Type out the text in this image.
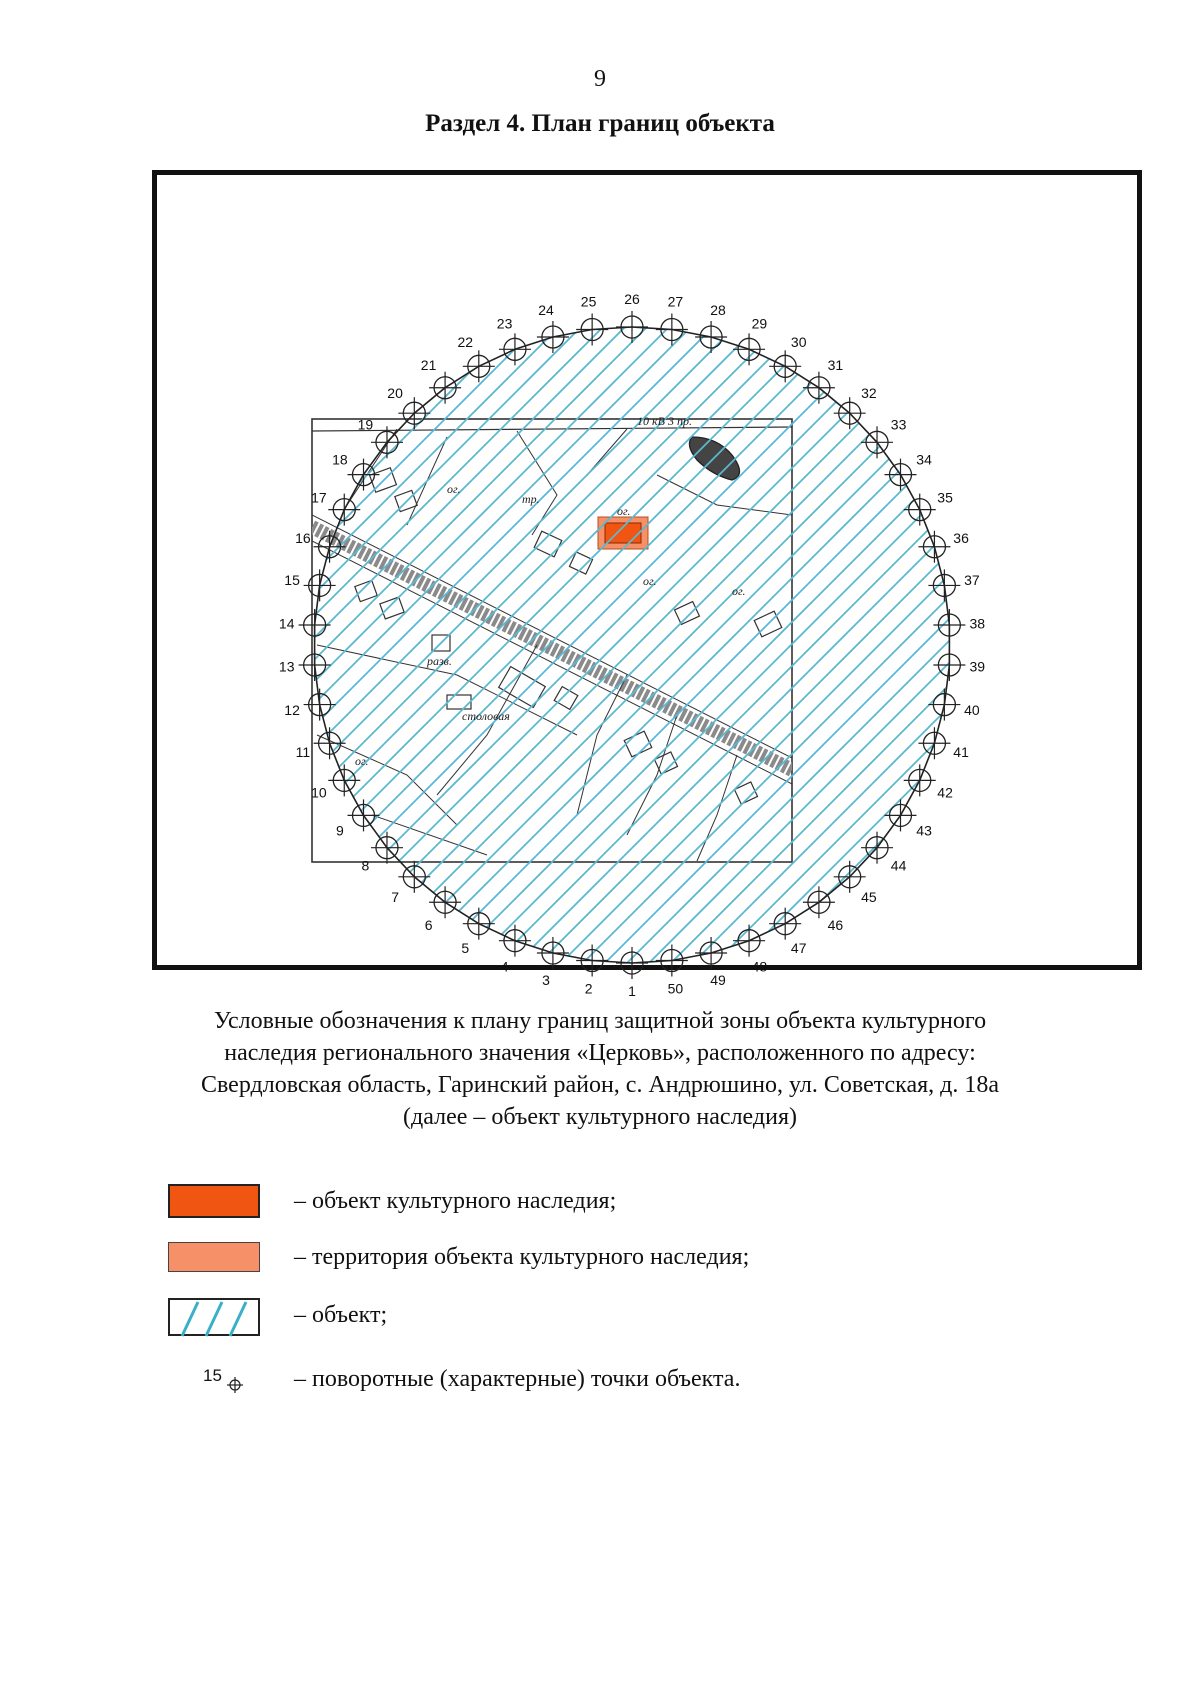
9
Раздел 4. План границ объекта
1
2
3
4
5
6
7
8
9
10
11
12
13
14
15
16
17
18
19
20
21
22
23
24
25 26 27
28
29
30
31
32
33
34
35
36
37
38
39
40
41
42
43
44
45
46
47
48
49
50
10 кВ 3 пр.
ог.
ог.
ог.
ог.
ог.
тр.
разв.
столовая
Условные обозначения к плану границ защитной зоны объекта культурного
наследия регионального значения «Церковь», расположенного по адресу:
Свердловская область, Гаринский район, с. Андрюшино, ул. Советская, д. 18а
(далее – объект культурного наследия)
– объект культурного наследия;
– территория объекта культурного наследия;
– объект;
15	– поворотные (характерные) точки объекта.
